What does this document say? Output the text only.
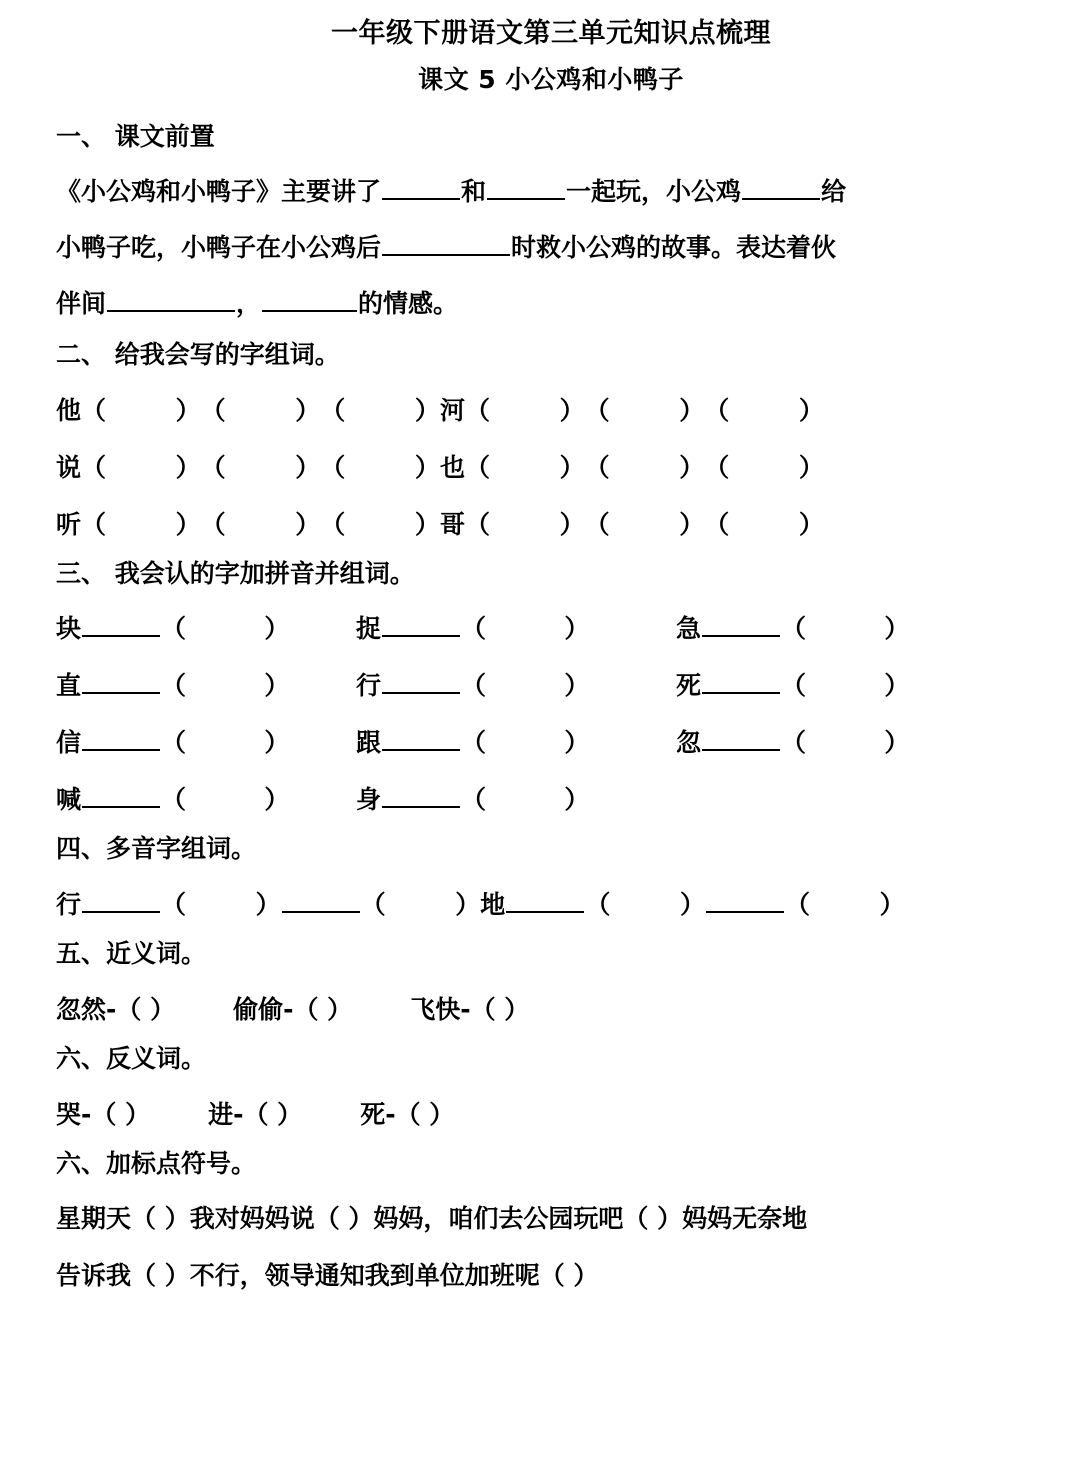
一年级下册语文第三单元知识点梳理
课文 5 小公鸡和小鸭子
一、 课文前置
《小公鸡和小鸭子》主要讲了	和	一起玩，小公鸡	给
小鸭子吃，小鸭子在小公鸡后	时救小公鸡的故事。表达着伙
伴间	，	的情感。
二、 给我会写的字组词。
他（        ）（        ）（        ）河（        ）（        ）（        ）
说（        ）（        ）（        ）也（        ）（        ）（        ）
听（        ）（        ）（        ）哥（        ）（        ）（        ）
三、 我会认的字加拼音并组词。
块	（         ）	捉	（         ）	急	（         ）
直	（         ）	行	（         ）	死	（         ）
信	（         ）	跟	（         ）	忽	（         ）
喊	（         ）	身	（         ）
四、多音字组词。
行	（        ）	（        ）地	（        ）	（        ）
五、近义词。
忽然-（ ） 偷偷-（ ） 飞快-（ ）
六、反义词。
哭-（ ） 进-（ ） 死-（ ）
六、加标点符号。
星期天（ ）我对妈妈说（ ）妈妈，咱们去公园玩吧（ ）妈妈无奈地
告诉我（ ）不行，领导通知我到单位加班呢（ ）
